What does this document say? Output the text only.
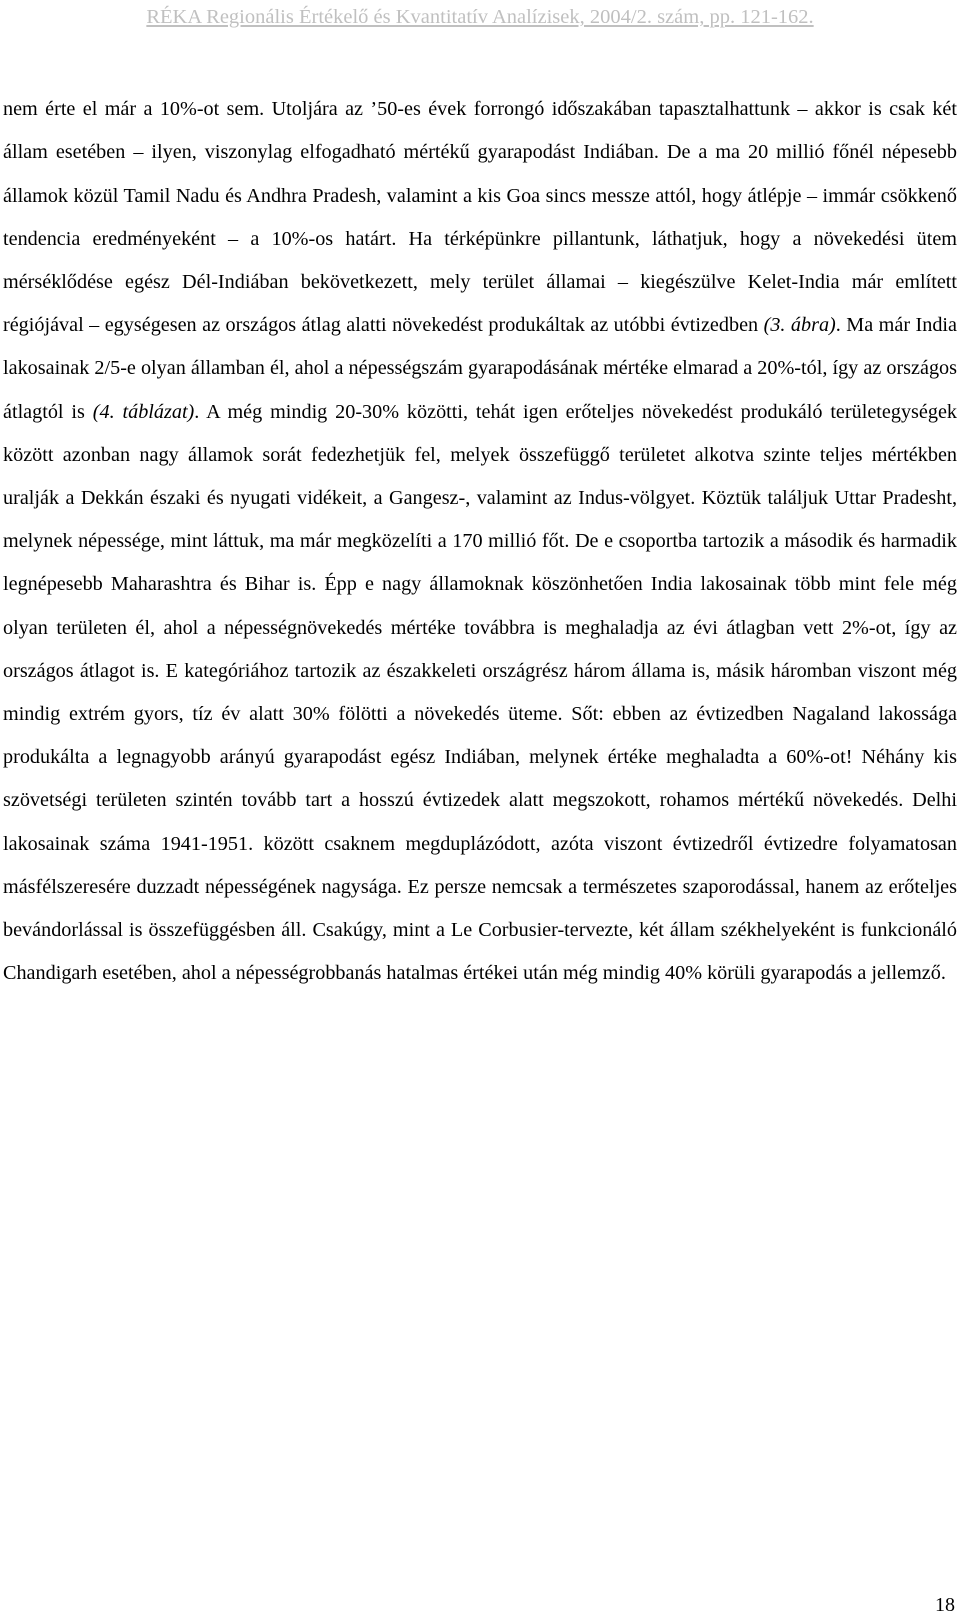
RÉKA Regionális Értékelő és Kvantitatív Analízisek, 2004/2. szám, pp. 121-162.

nem érte el már a 10%-ot sem. Utoljára az ’50-es évek forrongó időszakában tapasztalhattunk – akkor is csak két állam esetében – ilyen, viszonylag elfogadható mértékű gyarapodást Indiában. De a ma 20 millió főnél népesebb államok közül Tamil Nadu és Andhra Pradesh, valamint a kis Goa sincs messze attól, hogy átlépje – immár csökkenő tendencia eredményeként – a 10%-os határt. Ha térképünkre pillantunk, láthatjuk, hogy a növekedési ütem mérséklődése egész Dél-Indiában bekövetkezett, mely terület államai – kiegészülve Kelet-India már említett régiójával – egységesen az országos átlag alatti növekedést produkáltak az utóbbi évtizedben (3. ábra). Ma már India lakosainak 2/5-e olyan államban él, ahol a népességszám gyarapodásának mértéke elmarad a 20%-tól, így az országos átlagtól is (4. táblázat). A még mindig 20-30% közötti, tehát igen erőteljes növekedést produkáló területegységek között azonban nagy államok sorát fedezhetjük fel, melyek összefüggő területet alkotva szinte teljes mértékben uralják a Dekkán északi és nyugati vidékeit, a Gangesz-, valamint az Indus-völgyet. Köztük találjuk Uttar Pradesht, melynek népessége, mint láttuk, ma már megközelíti a 170 millió főt. De e csoportba tartozik a második és harmadik legnépesebb Maharashtra és Bihar is. Épp e nagy államoknak köszönhetően India lakosainak több mint fele még olyan területen él, ahol a népességnövekedés mértéke továbbra is meghaladja az évi átlagban vett 2%-ot, így az országos átlagot is. E kategóriához tartozik az északkeleti országrész három állama is, másik háromban viszont még mindig extrém gyors, tíz év alatt 30% fölötti a növekedés üteme. Sőt: ebben az évtizedben Nagaland lakossága produkálta a legnagyobb arányú gyarapodást egész Indiában, melynek értéke meghaladta a 60%-ot! Néhány kis szövetségi területen szintén tovább tart a hosszú évtizedek alatt megszokott, rohamos mértékű növekedés. Delhi lakosainak száma 1941-1951. között csaknem megduplázódott, azóta viszont évtizedről évtizedre folyamatosan másfélszeresére duzzadt népességének nagysága. Ez persze nemcsak a természetes szaporodással, hanem az erőteljes bevándorlással is összefüggésben áll. Csakúgy, mint a Le Corbusier-tervezte, két állam székhelyeként is funkcionáló Chandigarh esetében, ahol a népességrobbanás hatalmas értékei után még mindig 40% körüli gyarapodás a jellemző.

18
